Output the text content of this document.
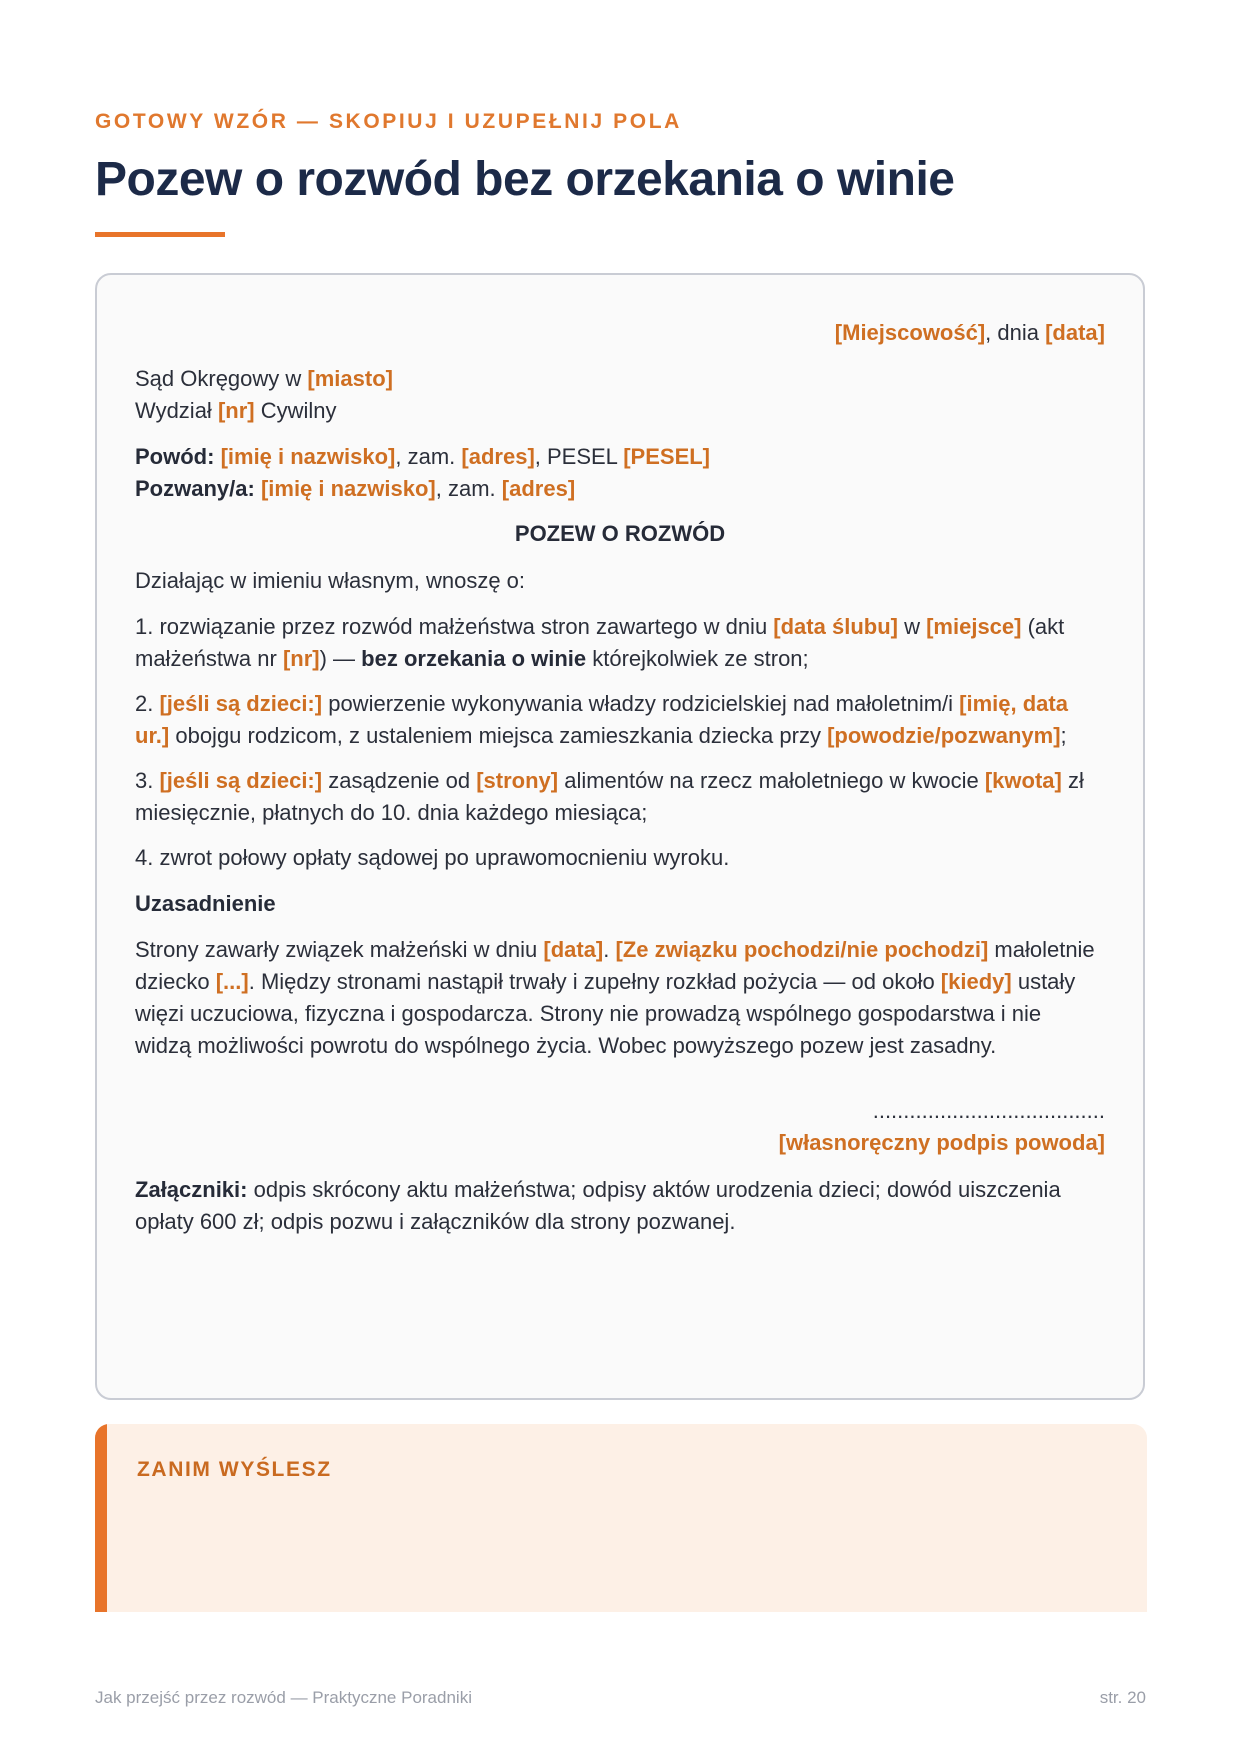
GOTOWY WZÓR — SKOPIUJ I UZUPEŁNIJ POLA
Pozew o rozwód bez orzekania o winie
[Miejscowość], dnia [data]
Sąd Okręgowy w [miasto]
Wydział [nr] Cywilny
Powód: [imię i nazwisko], zam. [adres], PESEL [PESEL]
Pozwany/a: [imię i nazwisko], zam. [adres]
POZEW O ROZWÓD
Działając w imieniu własnym, wnoszę o:
1. rozwiązanie przez rozwód małżeństwa stron zawartego w dniu [data ślubu] w [miejsce] (akt
małżeństwa nr [nr]) — bez orzekania o winie którejkolwiek ze stron;
2. [jeśli są dzieci:] powierzenie wykonywania władzy rodzicielskiej nad małoletnim/i [imię, data
ur.] obojgu rodzicom, z ustaleniem miejsca zamieszkania dziecka przy [powodzie/pozwanym];
3. [jeśli są dzieci:] zasądzenie od [strony] alimentów na rzecz małoletniego w kwocie [kwota] zł
miesięcznie, płatnych do 10. dnia każdego miesiąca;
4. zwrot połowy opłaty sądowej po uprawomocnieniu wyroku.
Uzasadnienie
Strony zawarły związek małżeński w dniu [data]. [Ze związku pochodzi/nie pochodzi] małoletnie
dziecko [...]. Między stronami nastąpił trwały i zupełny rozkład pożycia — od około [kiedy] ustały
więzi uczuciowa, fizyczna i gospodarcza. Strony nie prowadzą wspólnego gospodarstwa i nie
widzą możliwości powrotu do wspólnego życia. Wobec powyższego pozew jest zasadny.
......................................
[własnoręczny podpis powoda]
Załączniki: odpis skrócony aktu małżeństwa; odpisy aktów urodzenia dzieci; dowód uiszczenia
opłaty 600 zł; odpis pozwu i załączników dla strony pozwanej.
ZANIM WYŚLESZ
Jak przejść przez rozwód — Praktyczne Poradniki	str. 20
